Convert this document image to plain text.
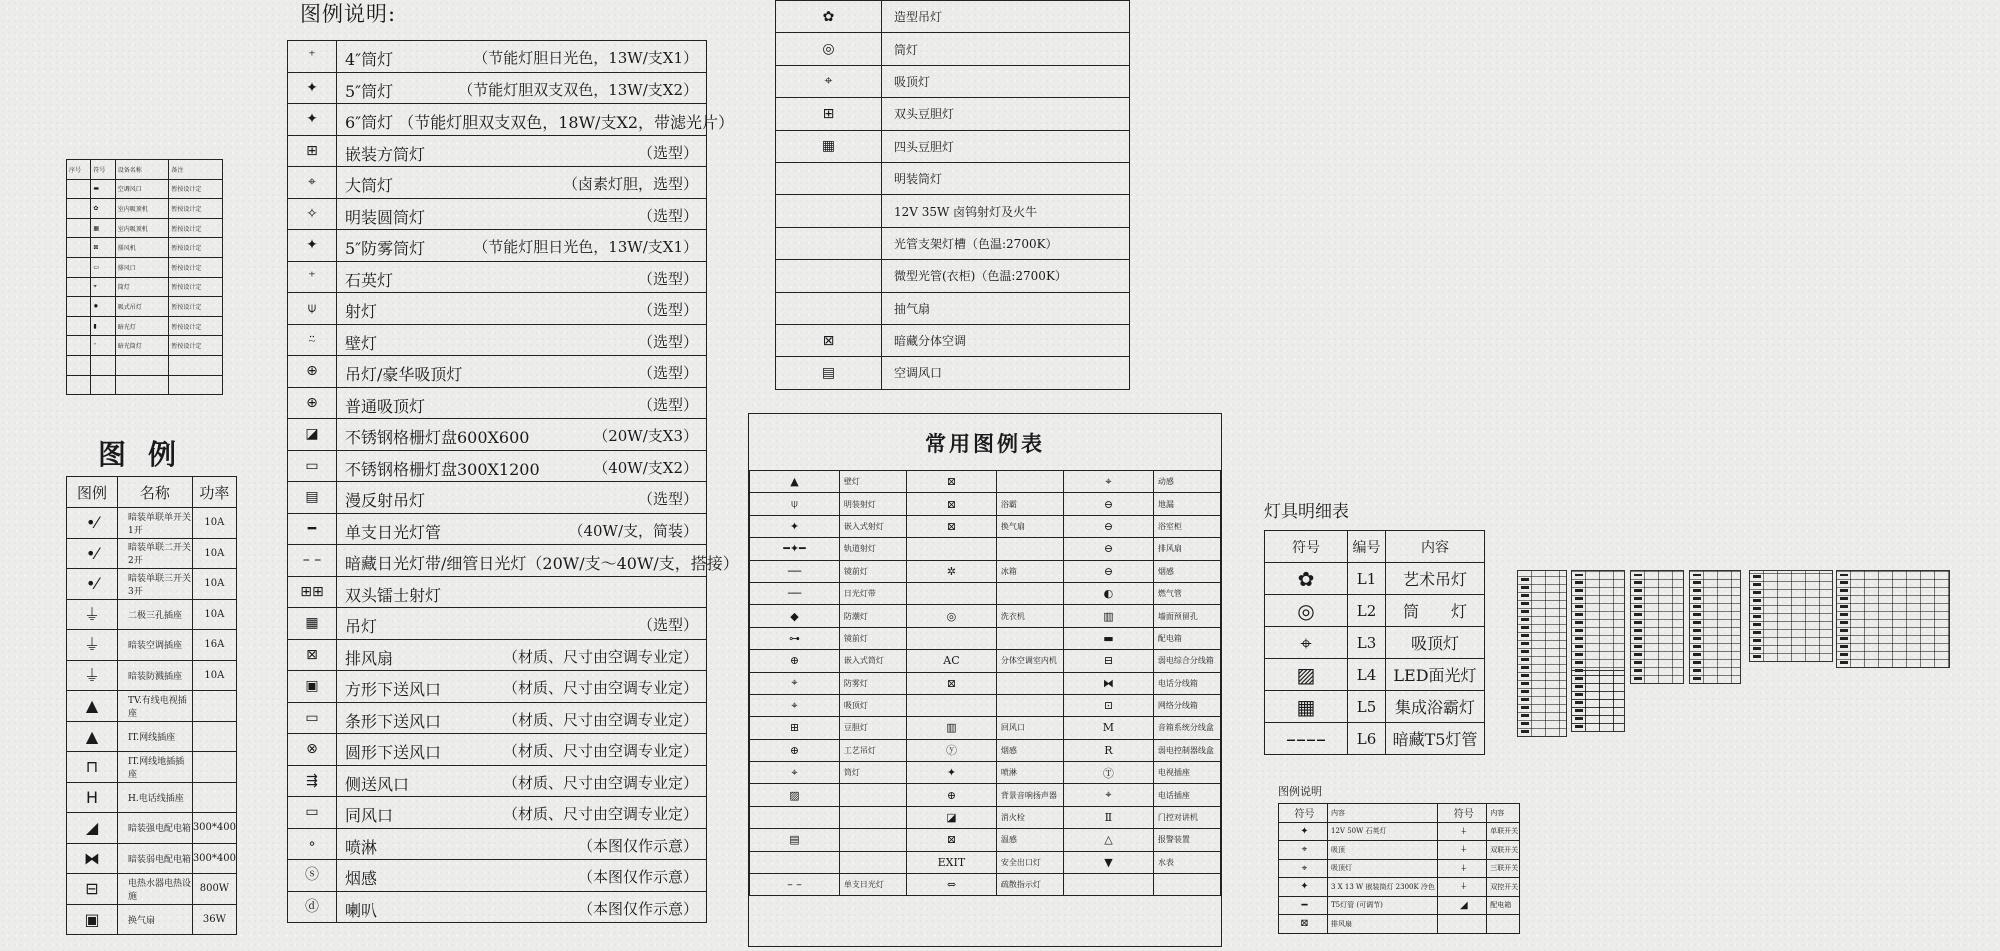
图例说明:
⁺	4″筒灯 （节能灯胆日光色，13W/支X1）

✦	5″筒灯 （节能灯胆双支双色，13W/支X2）

✦	6″筒灯 （节能灯胆双支双色，18W/支X2，带滤光片）

⊞	嵌装方筒灯 （选型）

⌖	大筒灯 （卤素灯胆，选型）

✧	明装圆筒灯 （选型）

✦	5″防雾筒灯 （节能灯胆日光色，13W/支X1）

⁺	石英灯 （选型）

⍦	射灯 （选型）

⍨	壁灯 （选型）

⊕	吊灯/豪华吸顶灯 （选型）

⊕	普通吸顶灯 （选型）

◪	不锈钢格栅灯盘600X600 （20W/支X3）

▭	不锈钢格栅灯盘300X1200 （40W/支X2）

▤	漫反射吊灯 （选型）

━	单支日光灯管 （40W/支，简装）

– –	暗藏日光灯带/细管日光灯（20W/支～40W/支，搭接）

⊞⊞	双头镭士射灯

▦	吊灯 （选型）

⊠	排风扇 （材质、尺寸由空调专业定）

▣	方形下送风口 （材质、尺寸由空调专业定）

▭	条形下送风口 （材质、尺寸由空调专业定）

⊗	圆形下送风口 （材质、尺寸由空调专业定）

⇶	侧送风口 （材质、尺寸由空调专业定）

▭	同风口 （材质、尺寸由空调专业定）

∘	喷淋 （本图仅作示意）

ⓢ	烟感 （本图仅作示意）

ⓓ	喇叭 （本图仅作示意）
✿	造型吊灯
◎	筒灯
⌖	吸顶灯
⊞	双头豆胆灯
▦	四头豆胆灯
	明装筒灯
	12V 35W 卤钨射灯及火牛
	光管支架灯槽（色温:2700K）
	微型光管(衣柜)（色温:2700K）
	抽气扇
⊠	暗藏分体空调
▤	空调风口
常用图例表
▲	壁灯	⊠		⌖	动感
⍦	明装射灯	⊠	浴霸	⊖	地漏
✦	嵌入式射灯	⊠	换气扇	⊖	浴室柜
━✦━	轨道射灯			⊖	排风扇
──	镜前灯	✲	冰箱	⊖	烟感
──	日光灯带			◐	燃气管
◆	防潮灯	◎	洗衣机	▥	墙面预留孔
⊶	镜前灯			▬	配电箱
⊕	嵌入式筒灯	AC	分体空调室内机	⊟	弱电综合分线箱
⌖	防雾灯	⊠		⧓	电话分线箱
⌖	吸顶灯			⊡	网络分线箱
⊞	豆胆灯	▥	回风口	M	音箱系统分线盒
⊕	工艺吊灯	ⓨ	烟感	R	弱电控制器线盒
⌖	筒灯	✦	喷淋	Ⓣ	电视插座
▨		⊕	背景音响扬声器	⌖	电话插座
		◪	消火栓	Ⅱ	门控对讲机
▤		⊠	温感	△	报警装置
		EXIT	安全出口灯	▼	水表
– –	单支日光灯	⇔	疏散指示灯		
序号	符号	设备名称	备注
	▬	空调风口	暂按设计定
	✿	室内吸顶机	暂按设计定
	▦	室内吸顶机	暂按设计定
	⊠	排风机	暂按设计定
	▭	排风口	暂按设计定
	⌖	筒灯	暂按设计定
	✹	吸式吊灯	暂按设计定
	▮	暗光灯	暂按设计定
	⁺	暗光筒灯	暂按设计定

图例
图例	名称	功率
•⁄	暗装单联单开关 1开	10A
•⁄	暗装单联二开关 2开	10A
•⁄	暗装单联三开关 3开	10A
⏚	二极三孔插座	10A
⏚	暗装空调插座	16A
⏚	暗装防溅插座	10A
▲	TV.有线电视插座	
▲	IT.网线插座	
⊓	IT.网线地插插座	
H	H.电话线插座	
◢	暗装强电配电箱	300*400
⧓	暗装弱电配电箱	300*400
⊟	电热水器电热设施	800W
▣	换气扇	36W
灯具明细表
符号	编号	内容
✿	L1	艺术吊灯
◎	L2	筒　　灯
⌖	L3	吸顶灯
▨	L4	LED面光灯
▦	L5	集成浴霸灯
––––	L6	暗藏T5灯管
图例说明
符号	内容	符号	内容
✦	12V 50W 石英灯	⍭	单联开关
⌖	吸顶	⍭	双联开关
⌖	吸顶灯	⍭	三联开关
✦	3 X 13 W 嵌装筒灯 2300K 冷色	⍭	双控开关
━	T5灯管 (可调节)	◢	配电箱
⊠	排风扇		
